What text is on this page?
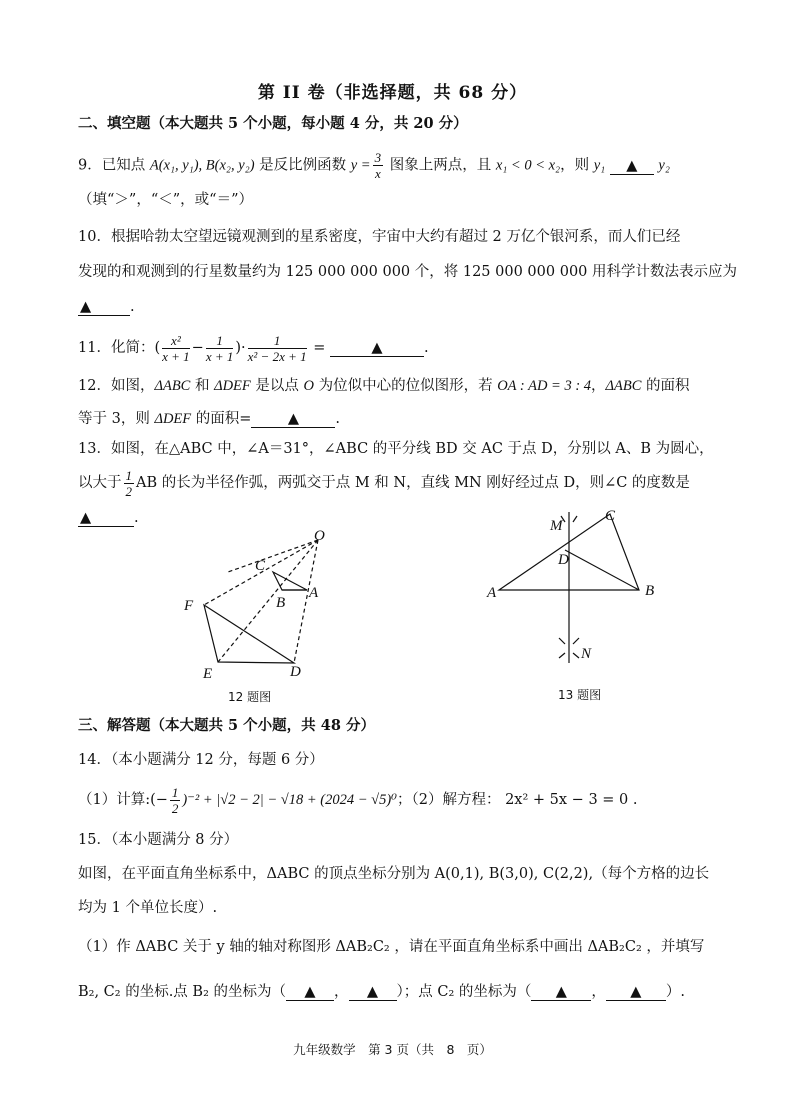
第 II 卷（非选择题，共 68 分）
二、填空题（本大题共 5 个小题，每小题 4 分，共 20 分）
9．已知点 A(x₁, y₁), B(x₂, y₂) 是反比例函数 $y = \frac{3}{x}$ 图象上两点，且 x₁ < 0 < x₂，则 y₁ ▲ y₂
（填“＞”，“＜”，或“＝”）
10．根据哈勃太空望远镜观测到的星系密度，宇宙中大约有超过 2 万亿个银河系，而人们已经
发现的和观测到的行星数量约为 125 000 000 000 个，将 125 000 000 000 用科学计数法表示应为
▲	.
11．化简：( $\frac{\text{x²}}{x + 1} - \frac{1}{x + 1}$ )· $\frac{1}{\text{x² − 2x + 1}}$ =	▲	.
12．如图，ΔABC 和 ΔDEF 是以点 O 为位似中心的位似图形，若 OA : AD = 3 : 4，ΔABC 的面积
等于 3，则 ΔDEF 的面积=	▲	.
13．如图，在△ABC 中，∠A＝31°，∠ABC 的平分线 BD 交 AC 于点 D，分别以 A、B 为圆心，
以大于 $\frac{1}{2}$ AB 的长为半径作弧，两弧交于点 M 和 N，直线 MN 刚好经过点 D，则∠C 的度数是
▲	.
O
C
B
A
F
E	D
12 题图
M
C
D
A	B
N
13 题图
三、解答题（本大题共 5 个小题，共 48 分）
14．（本小题满分 12 分，每题 6 分）
（1）计算:(− $\frac{1}{2} )^{-2} + |√2 - 2| - √18 + (2024 - √5)^0$；（2）解方程： 2x² + 5x − 3 = 0 .
15．（本小题满分 8 分）
如图，在平面直角坐标系中，ΔABC 的顶点坐标分别为 A(0,1), B(3,0), C(2,2),（每个方格的边长
均为 1 个单位长度）.
（1）作 ΔABC 关于 y 轴的轴对称图形 ΔAB₂C₂ ，请在平面直角坐标系中画出 ΔAB₂C₂ ，并填写
B₂, C₂ 的坐标.点 B₂ 的坐标为（ ▲ ， ▲ ）；点 C₂ 的坐标为（ ▲ ， ▲ ）.
九年级数学　第 3 页（共　8　页）
